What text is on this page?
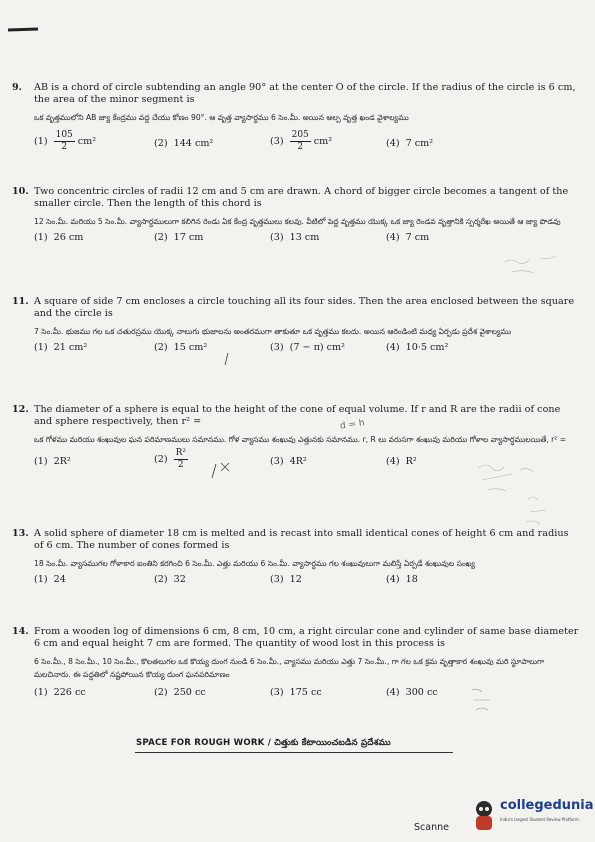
9.	AB is a chord of circle subtending an angle 90° at the center O of the circle. If the radius of the circle is 6 cm, the area of the minor segment is
ఒక వృత్తములోని AB జ్యా కేంద్రము వద్ద చేయు కోణం 90°. ఆ వృత్త వ్యాసార్ధము 6 సెం.మీ. అయిన అల్ప వృత్త ఖండ వైశాల్యము
$(1) \frac{105}{2} cm^2$	(2) 144 cm²	$(3) \frac{205}{2} cm^2$	(4) 7 cm²
10. Two concentric circles of radii 12 cm and 5 cm are drawn. A chord of bigger circle becomes a tangent of the smaller circle. Then the length of this chord is
12 సెం.మీ. మరియు 5 సెం.మీ. వ్యాసార్ధములుగా కలిగిన రెండు ఏక కేంద్ర వృత్తములు కలవు. వీటిలో పెద్ద వృత్తము యొక్క ఒక జ్యా రెండవ వృత్తానికి స్పర్శరేఖ అయితే ఆ జ్యా పొడవు
(1) 26 cm	(2) 17 cm	(3) 13 cm	(4) 7 cm
11. A square of side 7 cm encloses a circle touching all its four sides. Then the area enclosed between the square and the circle is
7 సెం.మీ. భుజము గల ఒక చతురస్రము యొక్క నాలుగు భుజాలను అంతరముగా తాకుతూ ఒక వృత్తము కలదు. అయిన ఆరెండింటి మధ్య ఏర్పడు ప్రదేశ వైశాల్యము
(1) 21 cm²	(2) 15 cm²	(3) (7 − π) cm²	(4) 10·5 cm²
12. The diameter of a sphere is equal to the height of the cone of equal volume. If r and R are the radii of cone and sphere respectively, then r² =
ఒక గోళము మరియు శంఖువుల ఘన పరిమాణములు సమానము. గోళ వ్యాసము శంఖువు ఎత్తునకు సమానము. r, R లు వరుసగా శంఖువు మరియు గోళాల వ్యాసార్ధములయితే, r² =
(1) 2R²	$(2) \frac{\text{R²}}{2}$	(3) 4R²	(4) R²
13. A solid sphere of diameter 18 cm is melted and is recast into small identical cones of height 6 cm and radius of 6 cm. The number of cones formed is
18 సెం.మీ. వ్యాసముగల గోళాకార ఐంతిని కరగించి 6 సెం.మీ. ఎత్తు మరియు 6 సెం.మీ. వ్యాసార్ధము గల శంఖువులుగా మలిస్తే ఏర్పడే శంఖువుల సంఖ్య
(1) 24	(2) 32	(3) 12	(4) 18
14. From a wooden log of dimensions 6 cm, 8 cm, 10 cm, a right circular cone and cylinder of same base diameter 6 cm and equal height 7 cm are formed. The quantity of wood lost in this process is
6 సెం.మీ., 8 సెం.మీ., 10 సెం.మీ., కొలతలుగల ఒక కొయ్య దుంగ నుండి 6 సెం.మీ., వ్యాసము మరియు ఎత్తు 7 సెం.మీ., గా గల ఒక క్రమ వృత్తాకార శంఖువు మరి స్థూపాలుగా మలచినారు. ఈ పద్ధతిలో నష్టపోయిన కొయ్య దుంగ ఘనపరిమాణం
(1) 226 cc	(2) 250 cc	(3) 175 cc	(4) 300 cc
d = h
SPACE FOR ROUGH WORK / చిత్తుకు కేటాయించబడిన ప్రదేశము
collegedunia
India's largest Student Review Platform
Scanne
